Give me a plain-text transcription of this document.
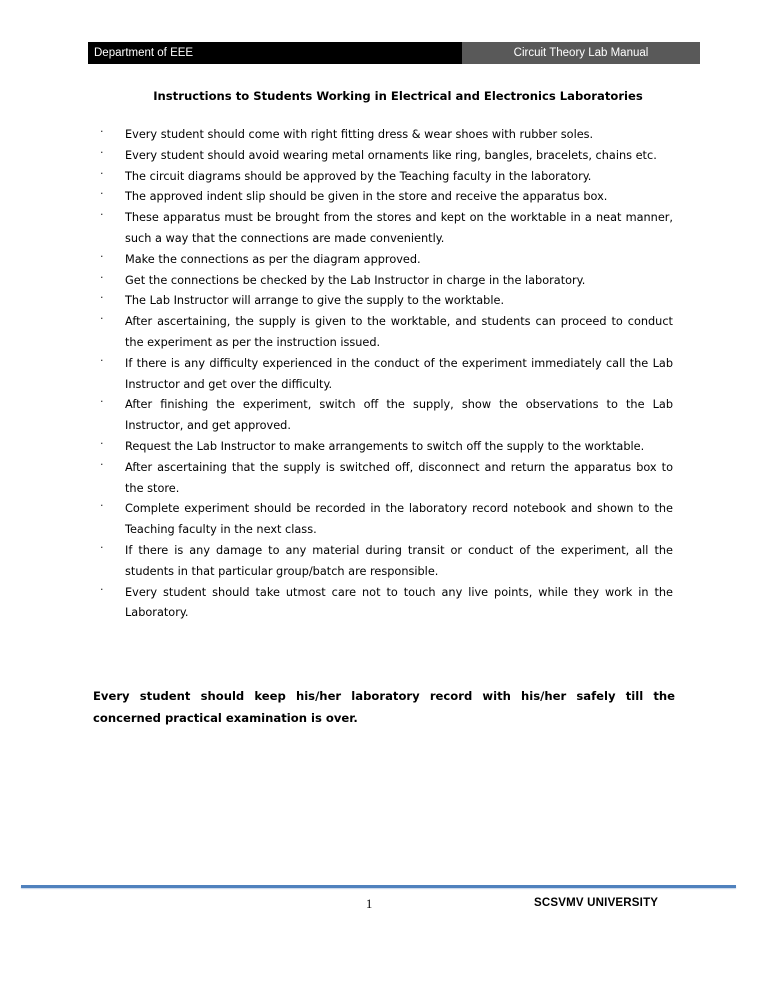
Department of EEE	Circuit Theory Lab Manual
Instructions to Students Working in Electrical and Electronics Laboratories
· Every student should come with right fitting dress & wear shoes with rubber soles.
· Every student should avoid wearing metal ornaments like ring, bangles, bracelets, chains etc.
· The circuit diagrams should be approved by the Teaching faculty in the laboratory.
· The approved indent slip should be given in the store and receive the apparatus box.
· These apparatus must be brought from the stores and kept on the worktable in a neat manner, such a way that the connections are made conveniently.
· Make the connections as per the diagram approved.
· Get the connections be checked by the Lab Instructor in charge in the laboratory.
· The Lab Instructor will arrange to give the supply to the worktable.
· After ascertaining, the supply is given to the worktable, and students can proceed to conduct the experiment as per the instruction issued.
· If there is any difficulty experienced in the conduct of the experiment immediately call the Lab Instructor and get over the difficulty.
· After finishing the experiment, switch off the supply, show the observations to the Lab Instructor, and get approved.
· Request the Lab Instructor to make arrangements to switch off the supply to the worktable.
· After ascertaining that the supply is switched off, disconnect and return the apparatus box to the store.
· Complete experiment should be recorded in the laboratory record notebook and shown to the Teaching faculty in the next class.
· If there is any damage to any material during transit or conduct of the experiment, all the students in that particular group/batch are responsible.
· Every student should take utmost care not to touch any live points, while they work in the Laboratory.
Every student should keep his/her laboratory record with his/her safely till the concerned practical examination is over.
1	SCSVMV UNIVERSITY
